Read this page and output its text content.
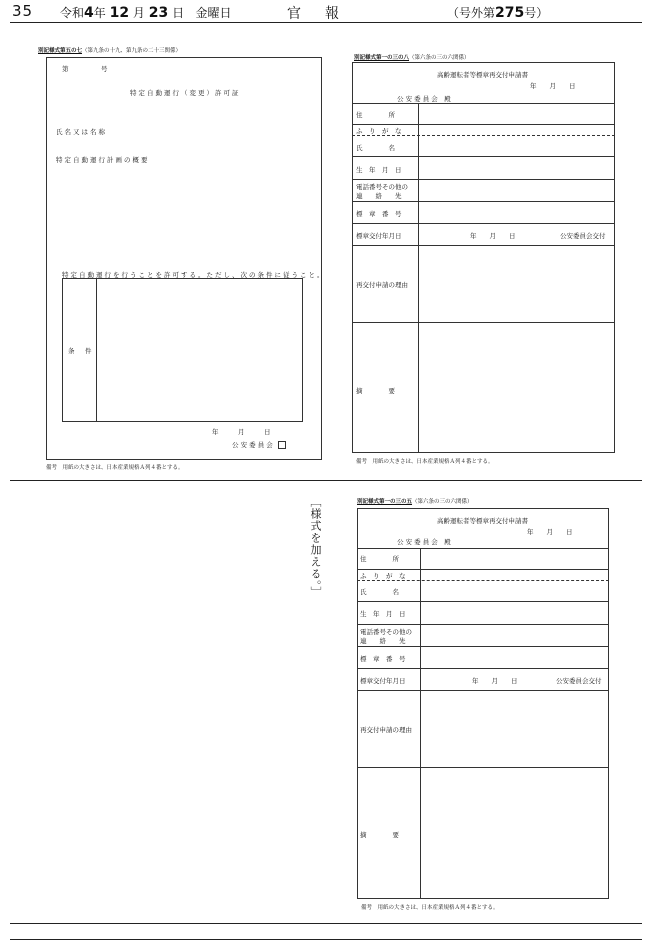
35 令和4年 12 月 23 日 金曜日	官報	（号外第275号）
別記様式第五の七（第九条の十九、第九条の二十三関係）
第　　　　　号
特定自動運行（変更）許可証
氏名又は名称
特定自動運行計画の概要
特定自動運行を行うことを許可する。ただし、次の条件に従うこと。
条　件
年　　　月　　　日
公 安 委 員 会
備考　用紙の大きさは、日本産業規格Ａ列４番とする。
別記様式第一の三の八（第六条の三の六関係）
高齢運転者等標章再交付申請書
年　　月　　日
公 安 委 員 会　殿
住　　　　所
ふ　り　が　な
氏　　　　名
生　年　月　日
電話番号その他の
連　　絡　　先
標　章　番　号
標章交付年月日	年　　月　　日	公安委員会交付
再交付申請の理由
摘　　　　要
備考　用紙の大きさは、日本産業規格Ａ列４番とする。
［様式を加える。］	別記様式第一の三の五（第六条の三の六関係）
高齢運転者等標章再交付申請書
年　　月　　日
公 安 委 員 会　殿
住　　　　所
ふ　り　が　な
氏　　　　名
生　年　月　日
電話番号その他の
連　　絡　　先
標　章　番　号
標章交付年月日	年　　月　　日	公安委員会交付
再交付申請の理由
摘　　　　要
備考　用紙の大きさは、日本産業規格Ａ列４番とする。
